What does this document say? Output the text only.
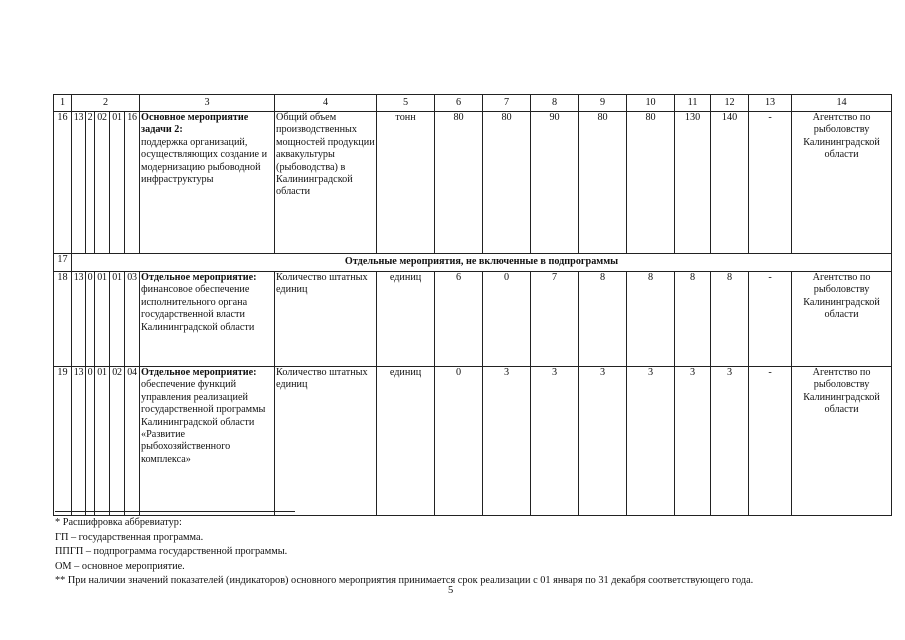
1	2					3	4	5	6	7	8	9	10	11	12	13	14
16	13	2	02	01	16	Основное мероприятие задачи 2:
поддержка организаций, осуществляющих создание и модернизацию рыбоводной инфраструктуры	Общий объем производственных мощностей продукции аквакультуры (рыбоводства) в Калининградской области	тонн	80	80	90	80	80	130	140	-	Агентство по рыболовству Калининградской области
17	Отдельные мероприятия, не включенные в подпрограммы																
18	13	0	01	01	03	Отдельное мероприятие:
финансовое обеспечение исполнительного органа государственной власти Калининградской области	Количество штатных единиц	единиц	6	0	7	8	8	8	8	-	Агентство по рыболовству Калининградской области
19	13	0	01	02	04	Отдельное мероприятие:
обеспечение функций управления реализацией государственной программы Калининградской области «Развитие рыбохозяйственного комплекса»	Количество штатных единиц	единиц	0	3	3	3	3	3	3	-	Агентство по рыболовству Калининградской области
* Расшифровка аббревиатур:
ГП – государственная программа.
ППГП – подпрограмма государственной программы.
ОМ – основное мероприятие.
** При наличии значений показателей (индикаторов) основного мероприятия принимается срок реализации с 01 января по 31 декабря соответствующего года.
5
